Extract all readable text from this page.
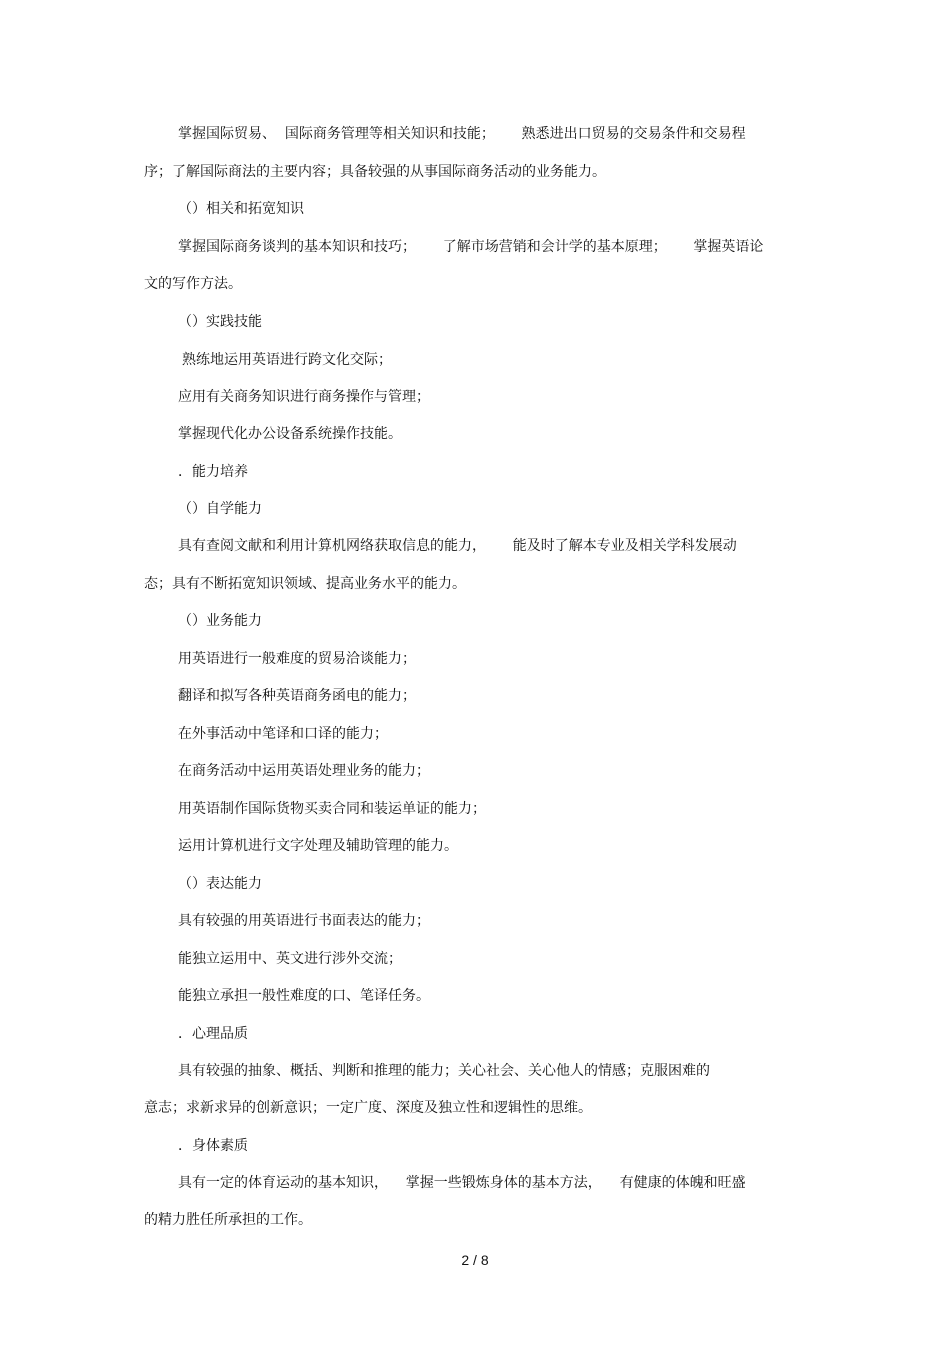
掌握国际贸易、  国际商务管理等相关知识和技能；      熟悉进出口贸易的交易条件和交易程
序；了解国际商法的主要内容；具备较强的从事国际商务活动的业务能力。
（）相关和拓宽知识
掌握国际商务谈判的基本知识和技巧；      了解市场营销和会计学的基本原理；      掌握英语论
文的写作方法。
（）实践技能
熟练地运用英语进行跨文化交际；
应用有关商务知识进行商务操作与管理；
掌握现代化办公设备系统操作技能。
．能力培养
（）自学能力
具有查阅文献和利用计算机网络获取信息的能力，      能及时了解本专业及相关学科发展动
态；具有不断拓宽知识领域、提高业务水平的能力。
（）业务能力
用英语进行一般难度的贸易洽谈能力；
翻译和拟写各种英语商务函电的能力；
在外事活动中笔译和口译的能力；
在商务活动中运用英语处理业务的能力；
用英语制作国际货物买卖合同和装运单证的能力；
运用计算机进行文字处理及辅助管理的能力。
（）表达能力
具有较强的用英语进行书面表达的能力；
能独立运用中、英文进行涉外交流；
能独立承担一般性难度的口、笔译任务。
．心理品质
具有较强的抽象、概括、判断和推理的能力；关心社会、关心他人的情感；克服困难的
意志；求新求异的创新意识；一定广度、深度及独立性和逻辑性的思维。
．身体素质
具有一定的体育运动的基本知识，    掌握一些锻炼身体的基本方法，    有健康的体魄和旺盛
的精力胜任所承担的工作。
2 / 8
